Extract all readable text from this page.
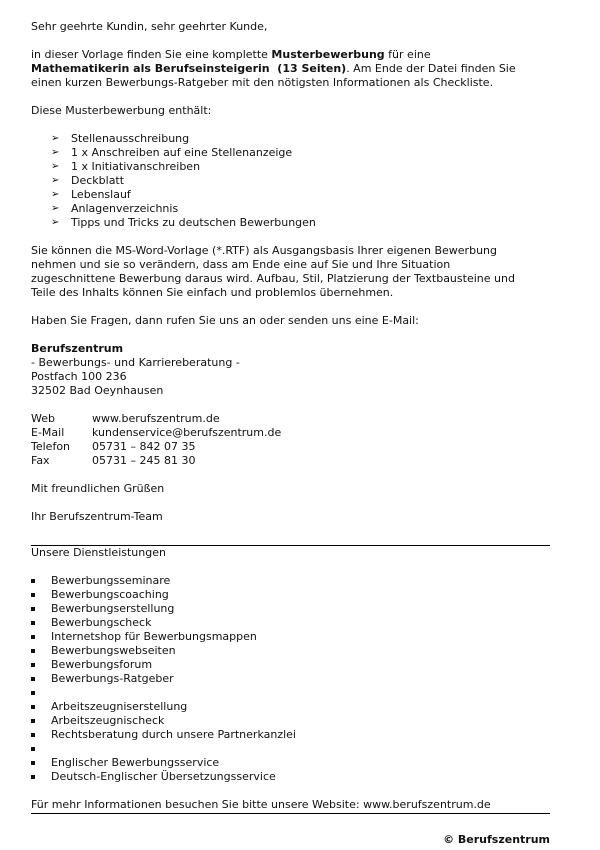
Sehr geehrte Kundin, sehr geehrter Kunde,

in dieser Vorlage finden Sie eine komplette Musterbewerbung für eine

Mathematikerin als Berufseinsteigerin  (13 Seiten). Am Ende der Datei finden Sie

einen kurzen Bewerbungs-Ratgeber mit den nötigsten Informationen als Checkliste.

Diese Musterbewerbung enthält:

➢ Stellenausschreibung
➢ 1 x Anschreiben auf eine Stellenanzeige
➢ 1 x Initiativanschreiben
➢ Deckblatt
➢ Lebenslauf
➢ Anlagenverzeichnis
➢ Tipps und Tricks zu deutschen Bewerbungen

Sie können die MS-Word-Vorlage (*.RTF) als Ausgangsbasis Ihrer eigenen Bewerbung

nehmen und sie so verändern, dass am Ende eine auf Sie und Ihre Situation

zugeschnittene Bewerbung daraus wird. Aufbau, Stil, Platzierung der Textbausteine und

Teile des Inhalts können Sie einfach und problemlos übernehmen.

Haben Sie Fragen, dann rufen Sie uns an oder senden uns eine E-Mail:

Berufszentrum

- Bewerbungs- und Karriereberatung -

Postfach 100 236

32502 Bad Oeynhausen

Web	www.berufszentrum.de
E-Mail	kundenservice@berufszentrum.de
Telefon	05731 – 842 07 35
Fax	05731 – 245 81 30

Mit freundlichen Grüßen

Ihr Berufszentrum-Team

Unsere Dienstleistungen

Bewerbungsseminare
Bewerbungscoaching
Bewerbungserstellung
Bewerbungscheck
Internetshop für Bewerbungsmappen
Bewerbungswebseiten
Bewerbungsforum
Bewerbungs-Ratgeber
Arbeitszeugniserstellung
Arbeitszeugnischeck
Rechtsberatung durch unsere Partnerkanzlei
Englischer Bewerbungsservice
Deutsch-Englischer Übersetzungsservice

Für mehr Informationen besuchen Sie bitte unsere Website: www.berufszentrum.de

© Berufszentrum
